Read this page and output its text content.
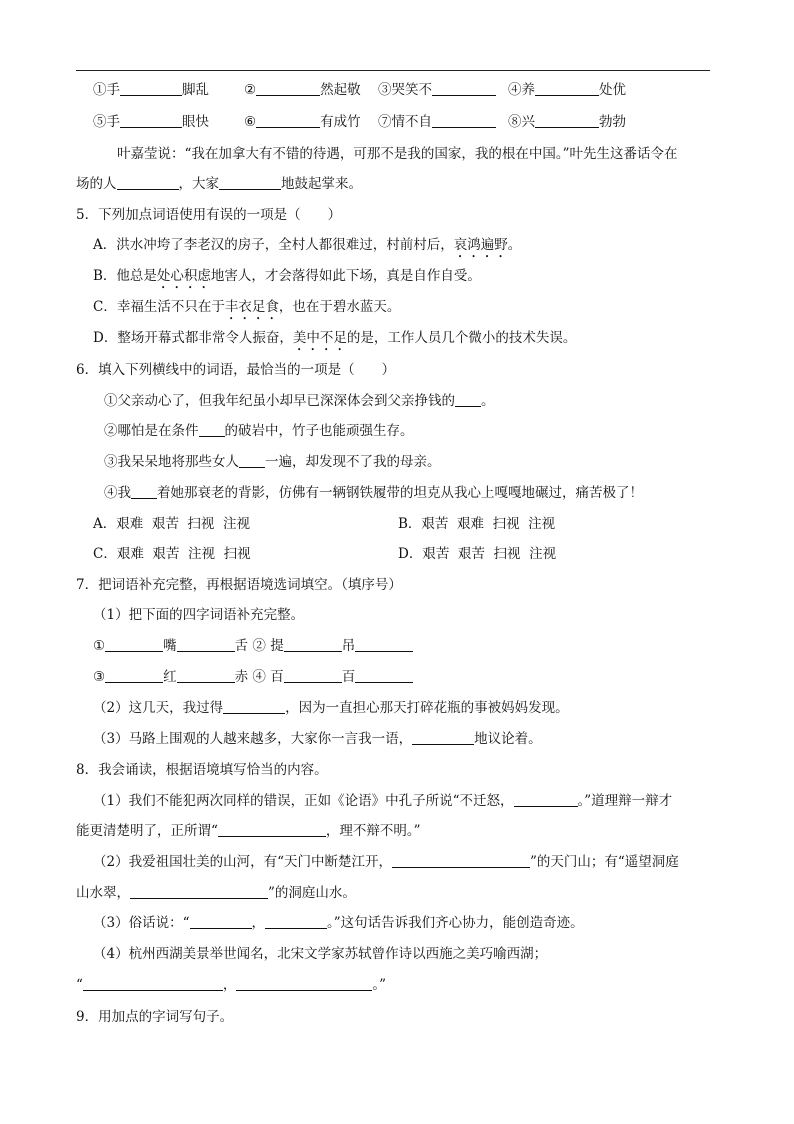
①手	脚乱	②	然起敬 ③哭笑不	④养	处优
⑤手	眼快	⑥	有成竹 ⑦情不自	⑧兴	勃勃
叶嘉莹说：“我在加拿大有不错的待遇，可那不是我的国家，我的根在中国。”叶先生这番话令在
场的人	，大家	地鼓起掌来。
5．下列加点词语使用有误的一项是（　　）
A．洪水冲垮了李老汉的房子，全村人都很难过，村前村后，哀鸿遍野。
B．他总是处心积虑地害人，才会落得如此下场，真是自作自受。
C．幸福生活不只在于丰衣足食，也在于碧水蓝天。
D．整场开幕式都非常令人振奋，美中不足的是，工作人员几个微小的技术失误。
6．填入下列横线中的词语，最恰当的一项是（　　）
①父亲动心了，但我年纪虽小却早已深深体会到父亲挣钱的 。
②哪怕是在条件 的破岩中，竹子也能顽强生存。
③我呆呆地将那些女人 一遍，却发现不了我的母亲。
④我 着她那衰老的背影，仿佛有一辆钢铁履带的坦克从我心上嘎嘎地碾过，痛苦极了！
A．艰难  艰苦  扫视  注视	B．艰苦  艰难  扫视  注视
C．艰难  艰苦  注视  扫视	D．艰苦  艰苦  扫视  注视
7．把词语补充完整，再根据语境选词填空。（填序号）
（1）把下面的四字词语补充完整。
①	嘴	舌 ② 提	吊
③	红	赤 ④ 百	百
（2）这几天，我过得	，因为一直担心那天打碎花瓶的事被妈妈发现。
（3）马路上围观的人越来越多，大家你一言我一语，	地议论着。
8．我会诵读，根据语境填写恰当的内容。
（1）我们不能犯两次同样的错误，正如《论语》中孔子所说“不迁怒，	。”道理辩一辩才
能更清楚明了，正所谓“	，理不辩不明。”
（2）我爱祖国壮美的山河，有“天门中断楚江开，	”的天门山；有“遥望洞庭
山水翠，	”的洞庭山水。
（3）俗话说：“	，	。”这句话告诉我们齐心协力，能创造奇迹。
（4）杭州西湖美景举世闻名，北宋文学家苏轼曾作诗以西施之美巧喻西湖；
“	，	。”
9．用加点的字词写句子。
